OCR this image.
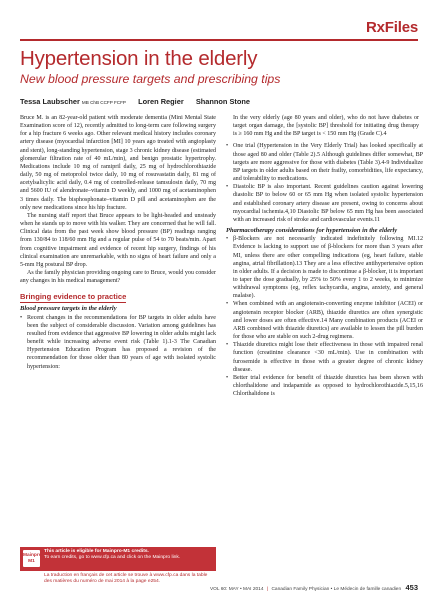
RxFiles
Hypertension in the elderly
New blood pressure targets and prescribing tips
Tessa Laubscher MB ChB CCFP FCFP Loren Regier Shannon Stone

Bruce M. is an 82-year-old patient with moderate dementia (Mini Mental State Examination score of 12), recently admitted to long-term care following surgery for a hip fracture 6 weeks ago. Other relevant medical history includes coronary artery disease (myocardial infarction [MI] 10 years ago treated with angioplasty and stent), long-standing hypertension, stage 3 chronic kidney disease (estimated glomerular filtration rate of 40 mL/min), and benign prostatic hypertrophy. Medications include 10 mg of ramipril daily, 25 mg of hydrochlorothiazide daily, 50 mg of metoprolol twice daily, 10 mg of rosuvastatin daily, 81 mg of acetylsalicylic acid daily, 0.4 mg of controlled-release tamsulosin daily, 70 mg and 5600 IU of alendronate–vitamin D weekly, and 1000 mg of acetaminophen 3 times daily. The bisphosphonate–vitamin D pill and acetaminophen are the only new medications since his hip fracture.

The nursing staff report that Bruce appears to be light-headed and unsteady when he stands up to move with his walker. They are concerned that he will fall. Clinical data from the past week show blood pressure (BP) readings ranging from 130/84 to 118/60 mm Hg and a regular pulse of 54 to 70 beats/min. Apart from cognitive impairment and evidence of recent hip surgery, findings of his clinical examination are unremarkable, with no signs of heart failure and only a 5-mm Hg postural BP drop.

As the family physician providing ongoing care to Bruce, would you consider any changes in his medical management?

Bringing evidence to practice
Blood pressure targets in the elderly
• Recent changes in the recommendations for BP targets in older adults have been the subject of considerable discussion. Variation among guidelines has resulted from evidence that aggressive BP lowering in older adults might lack benefit while increasing adverse event risk (Table 1).1-3 The Canadian Hypertension Education Program has proposed a revision of the recommendation for those older than 80 years of age with isolated systolic hypertension:
Mainpro-M1
This article is eligible for Mainpro-M1 credits.
To earn credits, go to www.cfp.ca and click on the Mainpro link.
La traduction en français de cet article se trouve à www.cfp.ca dans la table des matières du numéro de mai 2014 à la page e254.

In the very elderly (age 80 years and older), who do not have diabetes or target organ damage, the [systolic BP] threshold for initiating drug therapy is ≥ 160 mm Hg and the BP target is < 150 mm Hg (Grade C).4

• One trial (Hypertension in the Very Elderly Trial) has looked specifically at those aged 80 and older (Table 2).5 Although guidelines differ somewhat, BP targets are more aggressive for those with diabetes (Table 3).4-9 Individualize BP targets in older adults based on their frailty, comorbidities, life expectancy, and tolerability to medications.
• Diastolic BP is also important. Recent guidelines caution against lowering diastolic BP to below 60 or 65 mm Hg when isolated systolic hypertension and established coronary artery disease are present, owing to concerns about myocardial ischemia.4,10 Diastolic BP below 65 mm Hg has been associated with an increased risk of stroke and cardiovascular events.11
Pharmacotherapy considerations for hypertension in the elderly
• β-Blockers are not necessarily indicated indefinitely following MI.12 Evidence is lacking to support use of β-blockers for more than 3 years after MI, unless there are other compelling indications (eg, heart failure, stable angina, atrial fibrillation).13 They are a less effective antihypertensive option in older adults. If a decision is made to discontinue a β-blocker, it is important to taper the dose gradually, by 25% to 50% every 1 to 2 weeks, to minimize withdrawal symptoms (eg, reflex tachycardia, angina, anxiety, and general malaise).
• When combined with an angiotensin-converting enzyme inhibitor (ACEI) or angiotensin receptor blocker (ARB), thiazide diuretics are often synergistic and lower doses are often effective.14 Many combination products (ACEI or ARB combined with thiazide diuretics) are available to lessen the pill burden for those who are stable on such 2-drug regimens.
• Thiazide diuretics might lose their effectiveness in those with impaired renal function (creatinine clearance <30 mL/min). Use in combination with furosemide is effective in those with a greater degree of chronic kidney disease.
• Better trial evidence for benefit of thiazide diuretics has been shown with chlorthalidone and indapamide as opposed to hydrochlorothiazide.5,15,16 Chlorthalidone is
VOL 60: MAY • MAI 2014 | Canadian Family Physician • Le Médecin de famille canadien 453
